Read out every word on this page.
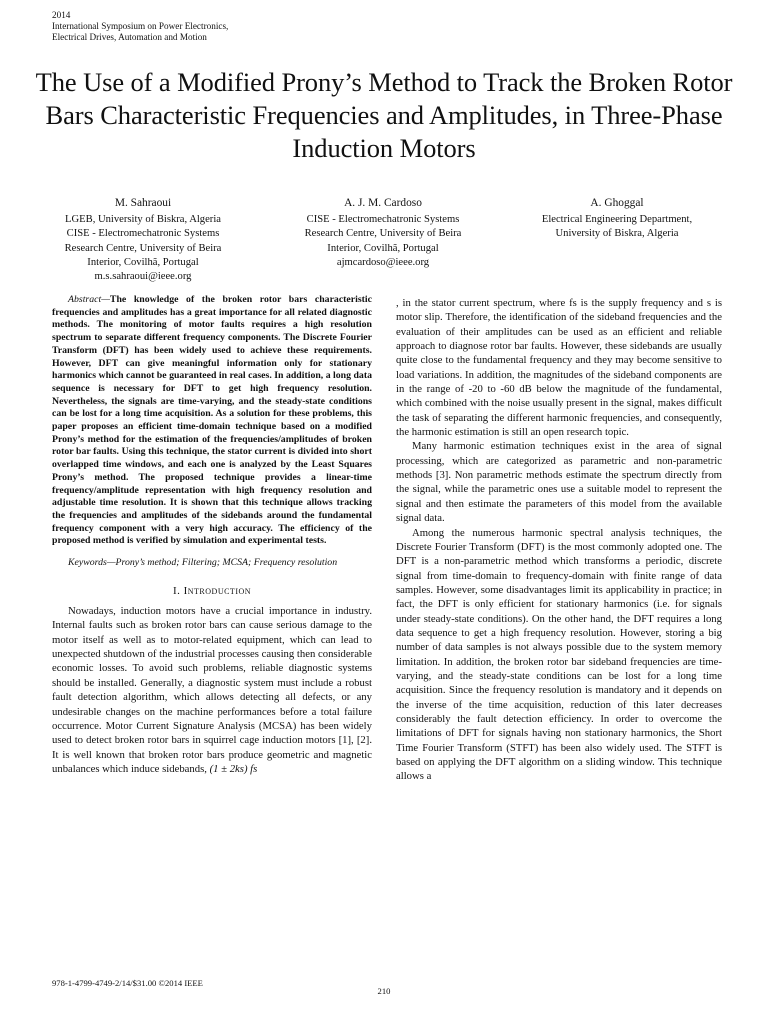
2014
International Symposium on Power Electronics,
Electrical Drives, Automation and Motion
The Use of a Modified Prony’s Method to Track the Broken Rotor Bars Characteristic Frequencies and Amplitudes, in Three-Phase Induction Motors
M. Sahraoui
LGEB, University of Biskra, Algeria
CISE - Electromechatronic Systems
Research Centre, University of Beira
Interior, Covilhã, Portugal
m.s.sahraoui@ieee.org
A. J. M. Cardoso
CISE - Electromechatronic Systems
Research Centre, University of Beira
Interior, Covilhã, Portugal
ajmcardoso@ieee.org
A. Ghoggal
Electrical Engineering Department,
University of Biskra, Algeria

Abstract—The knowledge of the broken rotor bars characteristic frequencies and amplitudes has a great importance for all related diagnostic methods. The monitoring of motor faults requires a high resolution spectrum to separate different frequency components. The Discrete Fourier Transform (DFT) has been widely used to achieve these requirements. However, DFT can give meaningful information only for stationary harmonics which cannot be guaranteed in real cases. In addition, a long data sequence is necessary for DFT to get high frequency resolution. Nevertheless, the signals are time-varying, and the steady-state conditions can be lost for a long time acquisition. As a solution for these problems, this paper proposes an efficient time-domain technique based on a modified Prony’s method for the estimation of the frequencies/amplitudes of broken rotor bar faults. Using this technique, the stator current is divided into short overlapped time windows, and each one is analyzed by the Least Squares Prony’s method. The proposed technique provides a linear-time frequency/amplitude representation with high frequency resolution and adjustable time resolution. It is shown that this technique allows tracking the frequencies and amplitudes of the sidebands around the fundamental frequency component with a very high accuracy. The efficiency of the proposed method is verified by simulation and experimental tests.

Keywords—Prony’s method; Filtering; MCSA; Frequency resolution

I. Introduction

Nowadays, induction motors have a crucial importance in industry. Internal faults such as broken rotor bars can cause serious damage to the motor itself as well as to motor-related equipment, which can lead to unexpected shutdown of the industrial processes causing then considerable economic losses. To avoid such problems, reliable diagnostic systems should be installed. Generally, a diagnostic system must include a robust fault detection algorithm, which allows detecting all defects, or any undesirable changes on the machine performances before a total failure occurrence. Motor Current Signature Analysis (MCSA) has been widely used to detect broken rotor bars in squirrel cage induction motors [1], [2]. It is well known that broken rotor bars produce geometric and magnetic unbalances which induce sidebands, (1 ± 2ks) fs

, in the stator current spectrum, where fs is the supply frequency and s is motor slip. Therefore, the identification of the sideband frequencies and the evaluation of their amplitudes can be used as an efficient and reliable approach to diagnose rotor bar faults. However, these sidebands are usually quite close to the fundamental frequency and they may become sensitive to load variations. In addition, the magnitudes of the sideband components are in the range of -20 to -60 dB below the magnitude of the fundamental, which combined with the noise usually present in the signal, makes difficult the task of separating the different harmonic frequencies, and consequently, the harmonic estimation is still an open research topic.

Many harmonic estimation techniques exist in the area of signal processing, which are categorized as parametric and non-parametric methods [3]. Non parametric methods estimate the spectrum directly from the signal, while the parametric ones use a suitable model to represent the signal and then estimate the parameters of this model from the available signal data.

Among the numerous harmonic spectral analysis techniques, the Discrete Fourier Transform (DFT) is the most commonly adopted one. The DFT is a non-parametric method which transforms a periodic, discrete signal from time-domain to frequency-domain with finite range of data samples. However, some disadvantages limit its applicability in practice; in fact, the DFT is only efficient for stationary harmonics (i.e. for signals under steady-state conditions). On the other hand, the DFT requires a long data sequence to get a high frequency resolution. However, storing a big number of data samples is not always possible due to the system memory limitation. In addition, the broken rotor bar sideband frequencies are time-varying, and the steady-state conditions can be lost for a long time acquisition. Since the frequency resolution is mandatory and it depends on the inverse of the time acquisition, reduction of this later decreases considerably the fault detection efficiency. In order to overcome the limitations of DFT for signals having non stationary harmonics, the Short Time Fourier Transform (STFT) has been also widely used. The STFT is based on applying the DFT algorithm on a sliding window. This technique allows a

978-1-4799-4749-2/14/$31.00 ©2014 IEEE
210
